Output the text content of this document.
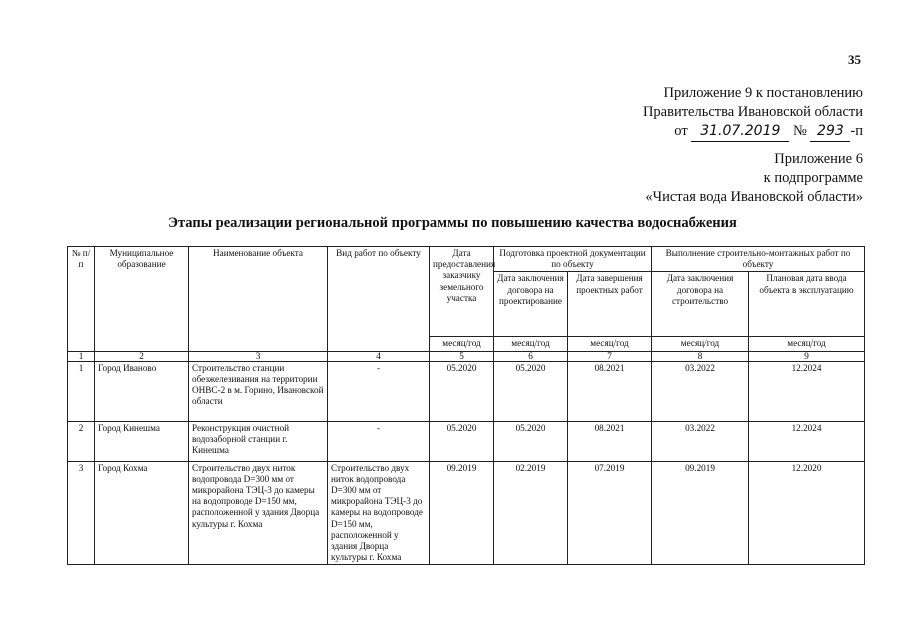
35
Приложение 9 к постановлению
Правительства Ивановской области
от 31.07.2019 № 293 -п
Приложение 6
к подпрограмме
«Чистая вода Ивановской области»
Этапы реализации региональной программы по повышению качества водоснабжения
№ п/п	Муниципальное образование	Наименование объекта	Вид работ по объекту	Дата предоставления заказчику земельного участка	Подготовка проектной документации по объекту		Выполнение строительно-монтажных работ по объекту	
					Дата заключения договора на проектирование	Дата завершения проектных работ	Дата заключения договора на строительство	Плановая дата ввода объекта в эксплуатацию
				месяц/год	месяц/год	месяц/год	месяц/год	месяц/год
1	2	3	4	5	6	7	8	9
1	Город Иваново	Строительство станции обезжелезивания на территории ОНВС-2 в м. Горино, Ивановской области	-	05.2020	05.2020	08.2021	03.2022	12.2024
2	Город Кинешма	Реконструкция очистной водозаборной станции г. Кинешма	-	05.2020	05.2020	08.2021	03.2022	12.2024
3	Город Кохма	Строительство двух ниток водопровода D=300 мм от микрорайона ТЭЦ-3 до камеры на водопроводе D=150 мм, расположенной у здания Дворца культуры г. Кохма	Строительство двух ниток водопровода D=300 мм от микрорайона ТЭЦ-3 до камеры на водопроводе D=150 мм, расположенной у здания Дворца культуры г. Кохма	09.2019	02.2019	07.2019	09.2019	12.2020
